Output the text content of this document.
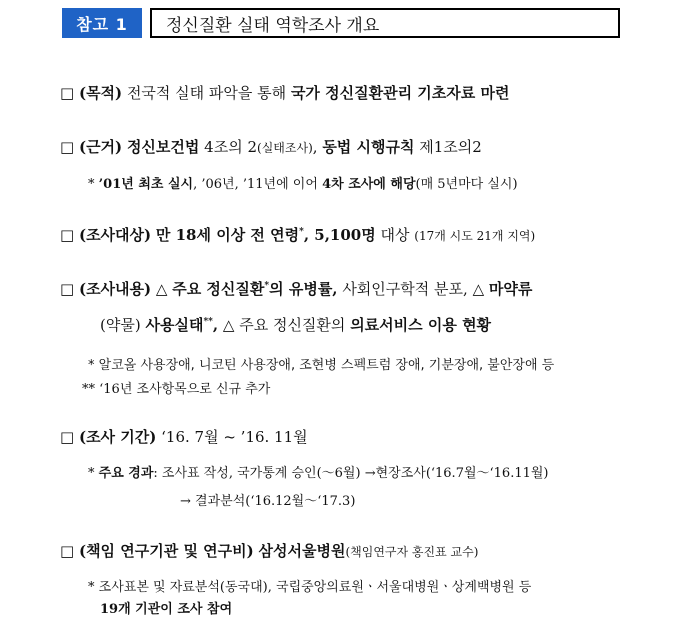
참고 1	정신질환 실태 역학조사 개요
□ (목적) 전국적 실태 파악을 통해 국가 정신질환관리 기초자료 마련
□ (근거) 정신보건법 4조의 2(실태조사), 동법 시행규칙 제1조의2
* ’01년 최초 실시, ’06년, ’11년에 이어 4차 조사에 해당(매 5년마다 실시)
□ (조사대상) 만 18세 이상 전 연령*, 5,100명 대상 (17개 시도 21개 지역)
□ (조사내용) △ 주요 정신질환*의 유병률, 사회인구학적 분포, △ 마약류
(약물) 사용실태**, △ 주요 정신질환의 의료서비스 이용 현황
* 알코올 사용장애, 니코틴 사용장애, 조현병 스펙트럼 장애, 기분장애, 불안장애 등
** ‘16년 조사항목으로 신규 추가
□ (조사 기간) ‘16. 7월 ~ ’16. 11월
* 주요 경과: 조사표 작성, 국가통계 승인(～6월) →현장조사(‘16.7월～‘16.11월)
→ 결과분석(‘16.12월～‘17.3)
□ (책임 연구기관 및 연구비) 삼성서울병원(책임연구자 홍진표 교수)
* 조사표본 및 자료분석(동국대), 국립중앙의료원ㆍ서울대병원ㆍ상계백병원 등
19개 기관이 조사 참여
